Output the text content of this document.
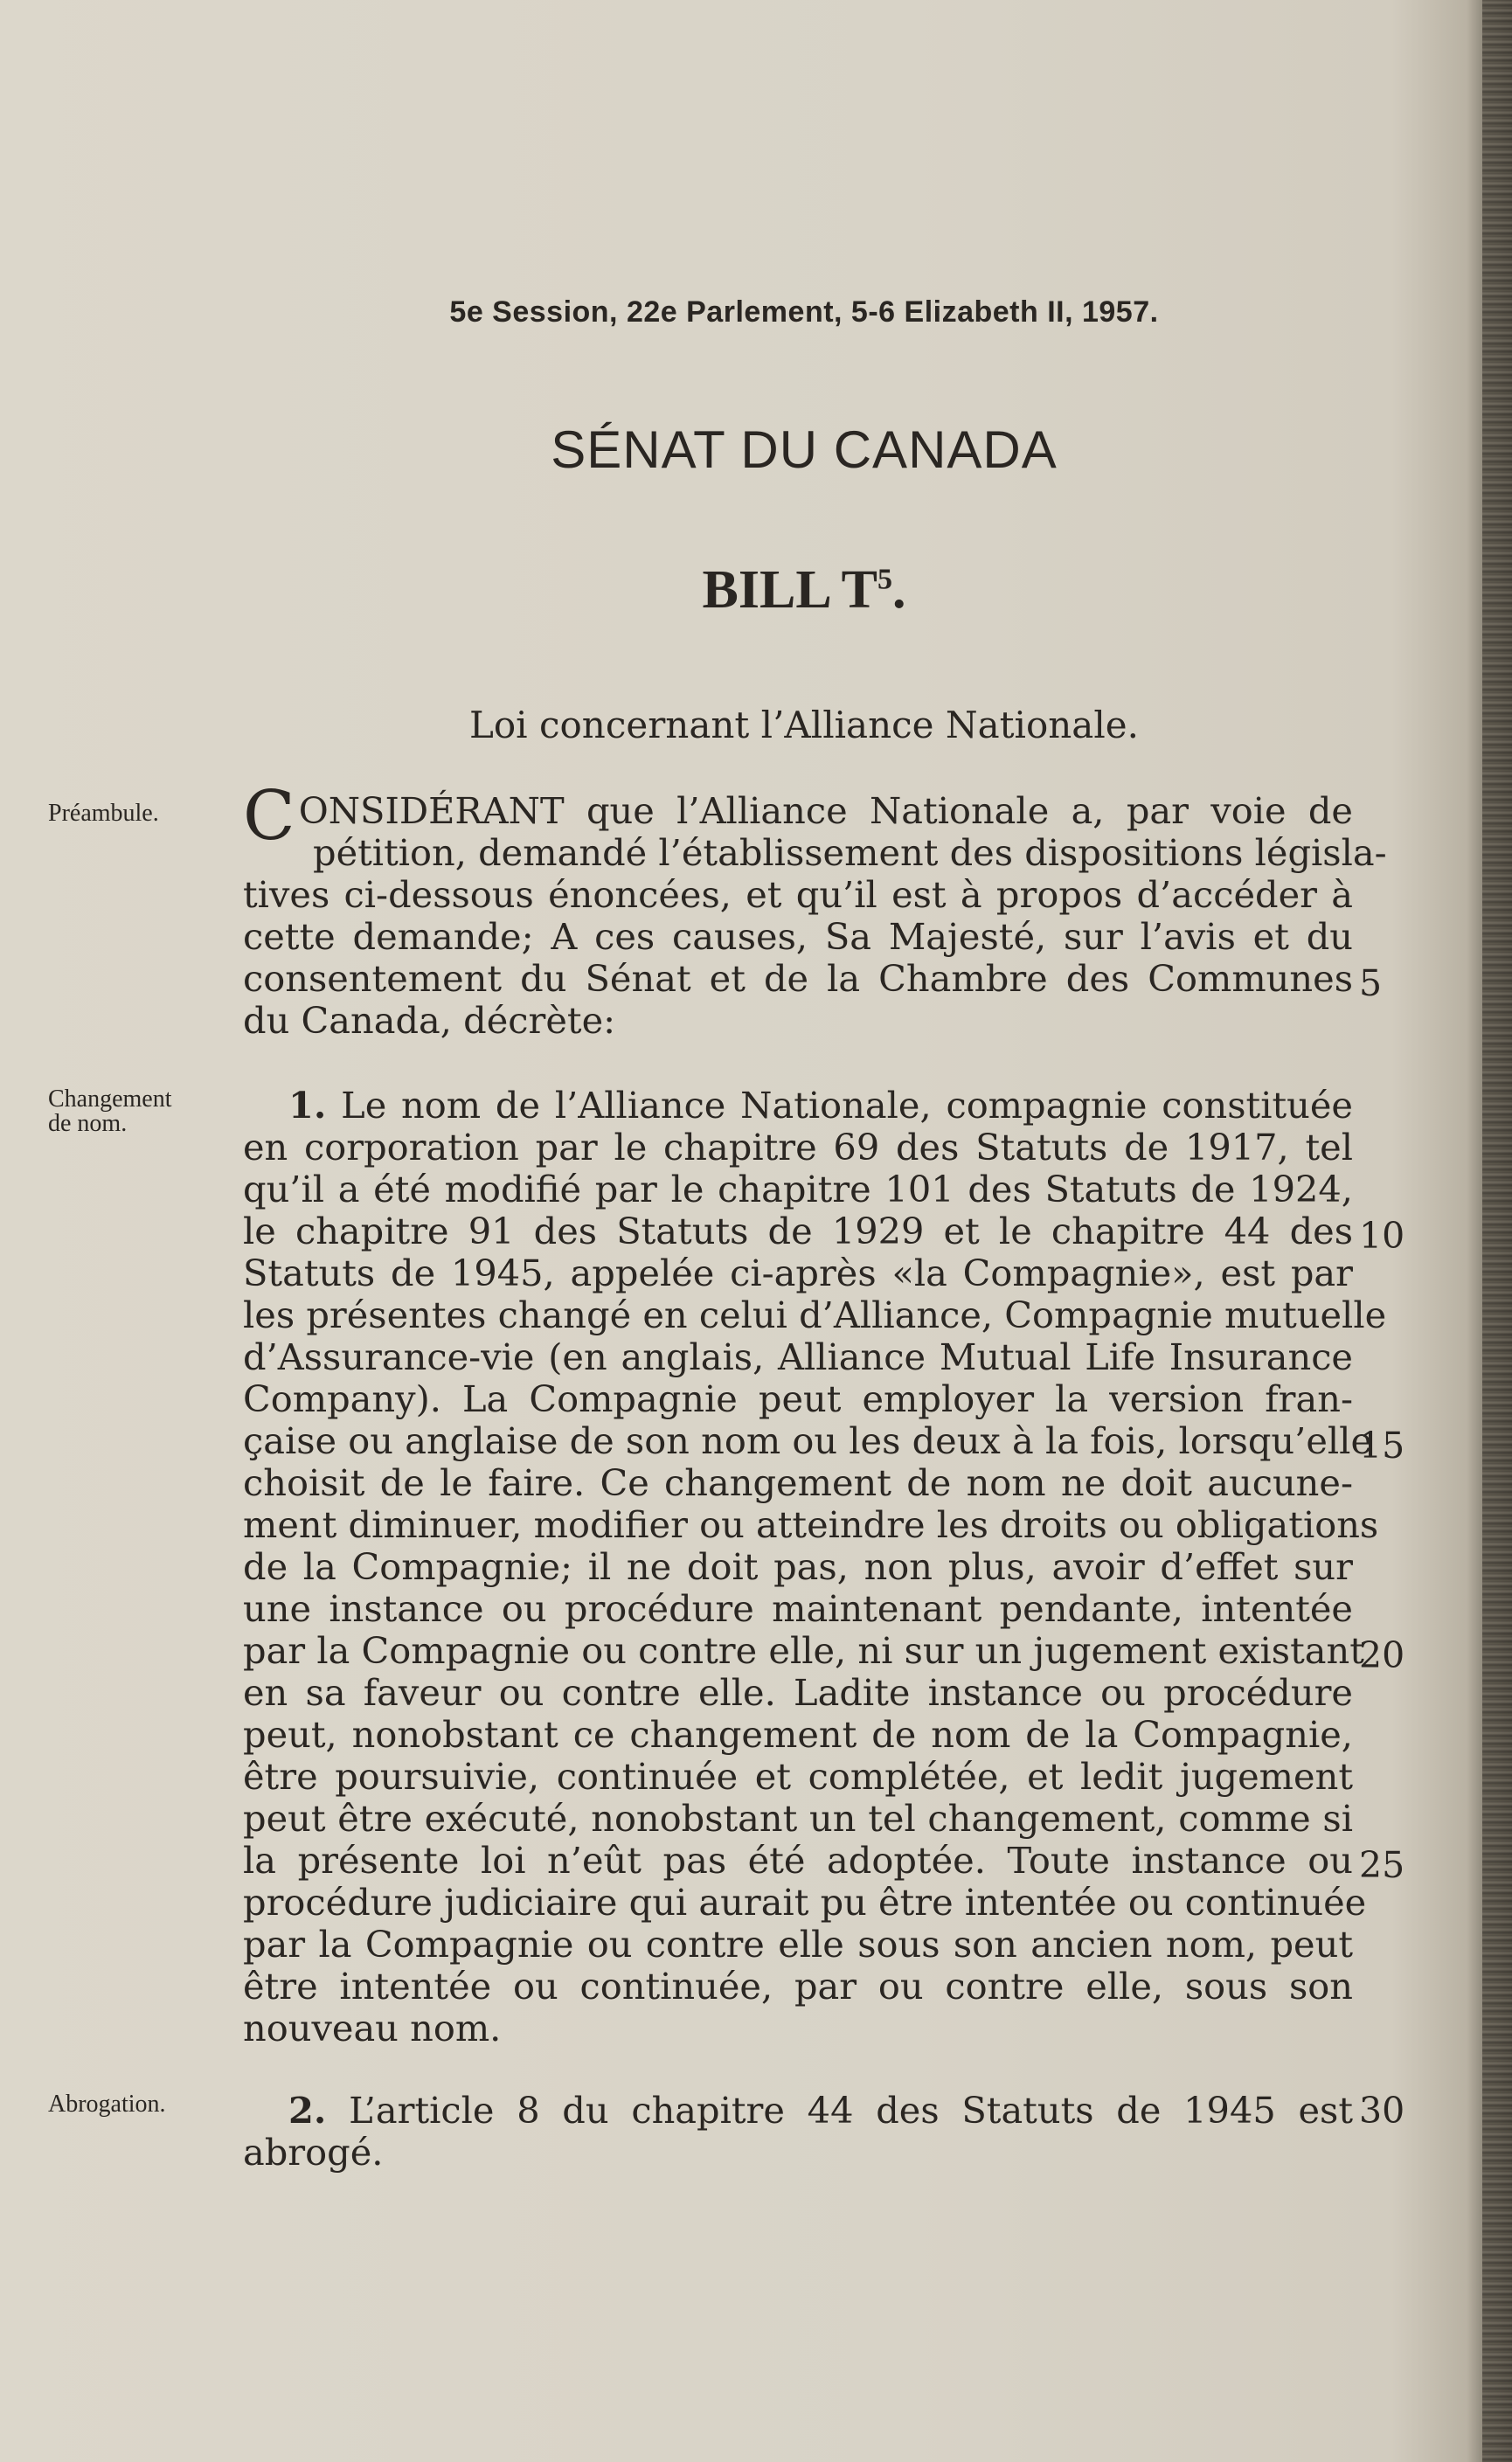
5e Session, 22e Parlement, 5-6 Elizabeth II, 1957.
SÉNAT DU CANADA
BILL $T^5$.
Loi concernant l’Alliance Nationale.
Préambule.
Changement
de nom.
Abrogation.
CONSIDÉRANT que l’Alliance Nationale a, par voie de
pétition, demandé l’établissement des dispositions législa-
tives ci-dessous énoncées, et qu’il est à propos d’accéder à
cette demande; A ces causes, Sa Majesté, sur l’avis et du
consentement du Sénat et de la Chambre des Communes
du Canada, décrète:
1. Le nom de l’Alliance Nationale, compagnie constituée
en corporation par le chapitre 69 des Statuts de 1917, tel
qu’il a été modifié par le chapitre 101 des Statuts de 1924,
le chapitre 91 des Statuts de 1929 et le chapitre 44 des
Statuts de 1945, appelée ci-après «la Compagnie», est par
les présentes changé en celui d’Alliance, Compagnie mutuelle
d’Assurance-vie (en anglais, Alliance Mutual Life Insurance
Company). La Compagnie peut employer la version fran-
çaise ou anglaise de son nom ou les deux à la fois, lorsqu’elle
choisit de le faire. Ce changement de nom ne doit aucune-
ment diminuer, modifier ou atteindre les droits ou obligations
de la Compagnie; il ne doit pas, non plus, avoir d’effet sur
une instance ou procédure maintenant pendante, intentée
par la Compagnie ou contre elle, ni sur un jugement existant
en sa faveur ou contre elle. Ladite instance ou procédure
peut, nonobstant ce changement de nom de la Compagnie,
être poursuivie, continuée et complétée, et ledit jugement
peut être exécuté, nonobstant un tel changement, comme si
la présente loi n’eût pas été adoptée. Toute instance ou
procédure judiciaire qui aurait pu être intentée ou continuée
par la Compagnie ou contre elle sous son ancien nom, peut
être intentée ou continuée, par ou contre elle, sous son
nouveau nom.
2. L’article 8 du chapitre 44 des Statuts de 1945 est
abrogé.
5
10
15
20
25
30
